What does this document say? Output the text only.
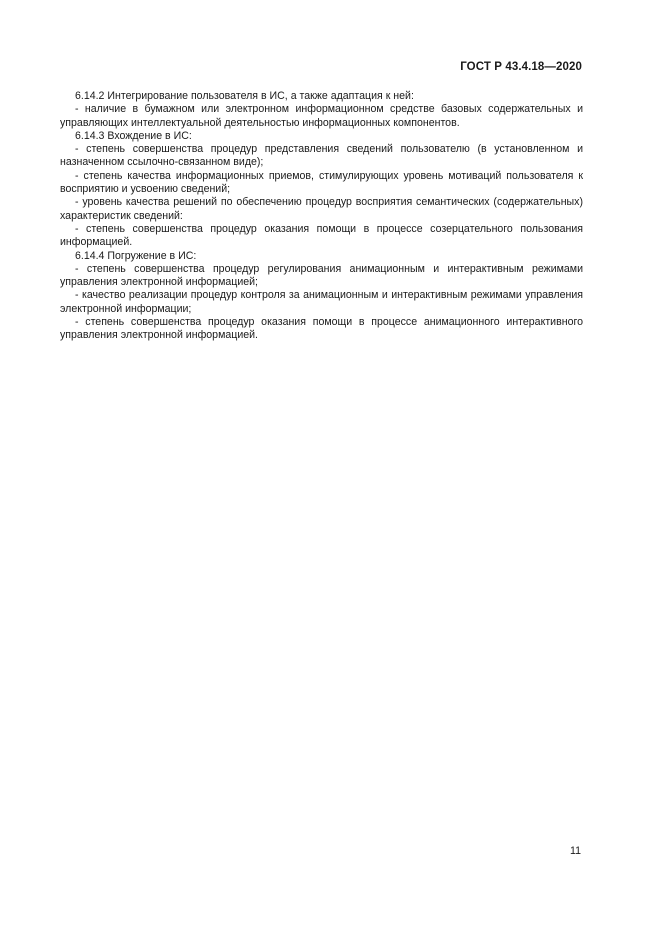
ГОСТ Р 43.4.18—2020

6.14.2 Интегрирование пользователя в ИС, а также адаптация к ней:

- наличие в бумажном или электронном информационном средстве базовых содержательных и управляющих интеллектуальной деятельностью информационных компонентов.

6.14.3 Вхождение в ИС:

- степень совершенства процедур представления сведений пользователю (в установленном и назначенном ссылочно-связанном виде);

- степень качества информационных приемов, стимулирующих уровень мотиваций пользователя к восприятию и усвоению сведений;

- уровень качества решений по обеспечению процедур восприятия семантических (содержательных) характеристик сведений:

- степень совершенства процедур оказания помощи в процессе созерцательного пользования информацией.

6.14.4 Погружение в ИС:

- степень совершенства процедур регулирования анимационным и интерактивным режимами управления электронной информацией;

- качество реализации процедур контроля за анимационным и интерактивным режимами управления электронной информации;

- степень совершенства процедур оказания помощи в процессе анимационного интерактивного управления электронной информацией.

11
